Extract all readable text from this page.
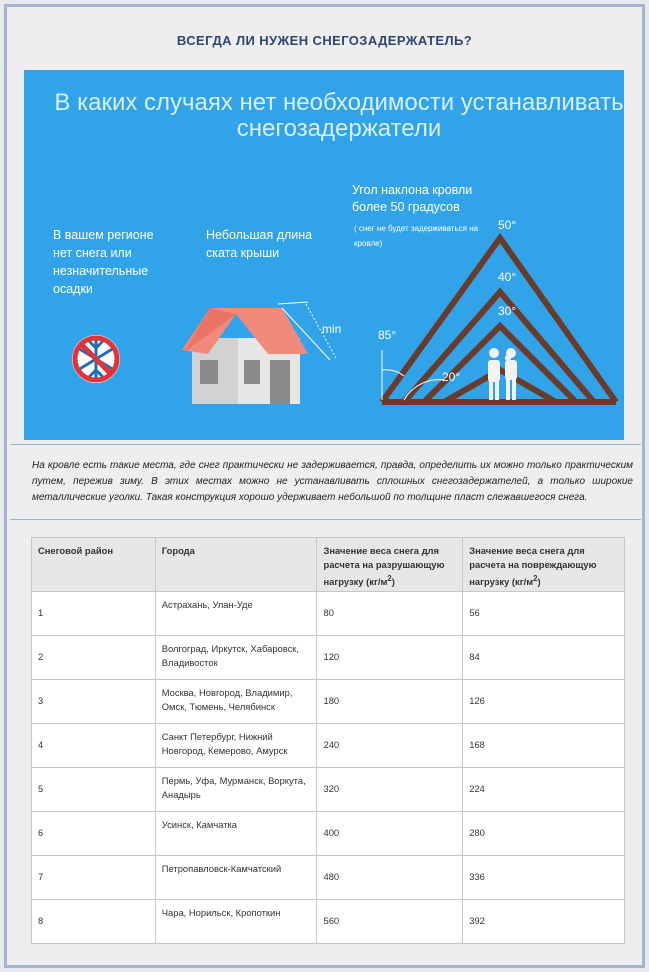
ВСЕГДА ЛИ НУЖЕН СНЕГОЗАДЕРЖАТЕЛЬ?
В каких случаях нет необходимости устанавливать
снегозадержатели
В вашем регионе нет снега или незначительные осадки
Небольшая длина ската крыши
min
Угол наклона кровли более 50 градусов
( снег не будет задерживаться на кровле)
85°
50°
40°
30°
20°
На кровле есть такие места, где снег практически не задерживается, правда, определить их можно только практическим путем, пережив зиму. В этих местах можно не устанавливать сплошных снегозадержателей, а только широкие металлические уголки. Такая конструкция хорошо удерживает небольшой по толщине пласт слежавшегося снега.
Снеговой район	Города	Значение веса снега для расчета на разрушающую нагрузку $(кг/м^2)$	Значение веса снега для расчета на повреждающую нагрузку $(кг/м^2)$
1	Астрахань, Улан-Уде	80	56
2	Волгоград, Иркутск, Хабаровск, Владивосток	120	84
3	Москва, Новгород, Владимир, Омск, Тюмень, Челябинск	180	126
4	Санкт Петербург, Нижний Новгород, Кемерово, Амурск	240	168
5	Пермь, Уфа, Мурманск, Воркута, Анадырь	320	224
6	Усинск, Камчатка	400	280
7	Петропавловск-Камчатский	480	336
8	Чара, Норильск, Кропоткин	560	392
